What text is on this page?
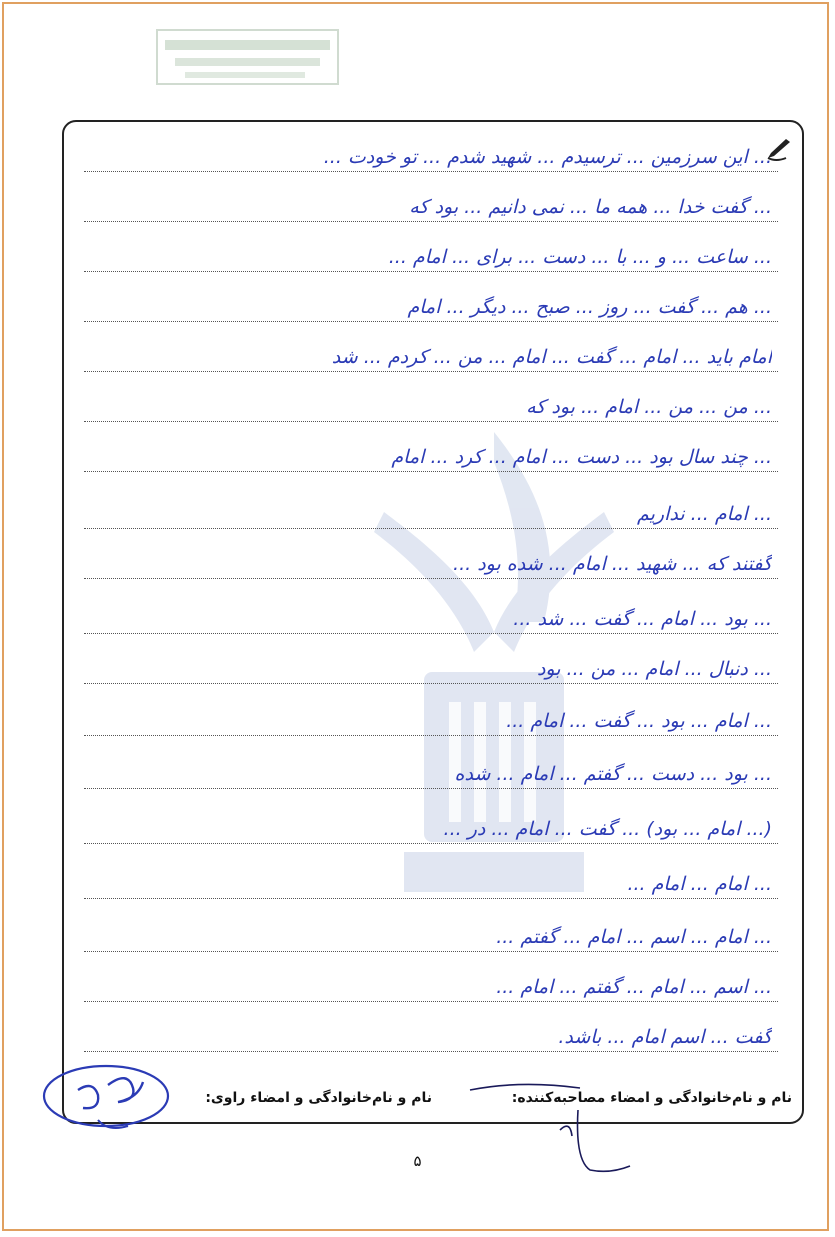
... این سرزمین ... ترسیدم ... شهید شدم ... تو خودت ...
... گفت خدا ... همه ما ... نمی دانیم ... بود که
... ساعت ... و ... با ... دست ... برای ... امام ...
... هم ... گفت ... روز ... صبح ... دیگر ... امام
امام باید ... امام ... گفت ... امام ... من ... کردم ... شد
... من ... من ... امام ... بود که
... چند سال بود ... دست ... امام ... کرد ... امام
... امام ... نداریم
گفتند که ... شهید ... امام ... شده بود ...
... بود ... امام ... گفت ... شد ...
... دنبال ... امام ... من ... بود
... امام ... بود ... گفت ... امام ...
... بود ... دست ... گفتم ... امام ... شده
(... امام ... بود) ... گفت ... امام ... در ...
... امام ... امام ...
... امام ... اسم ... امام ... گفتم ...
... اسم ... امام ... گفتم ... امام ...
گفت ... اسم امام ... باشد.
نام و نام‌خانوادگی و امضاء مصاحبه‌کننده:
نام و نام‌خانوادگی و امضاء راوی:
۵
